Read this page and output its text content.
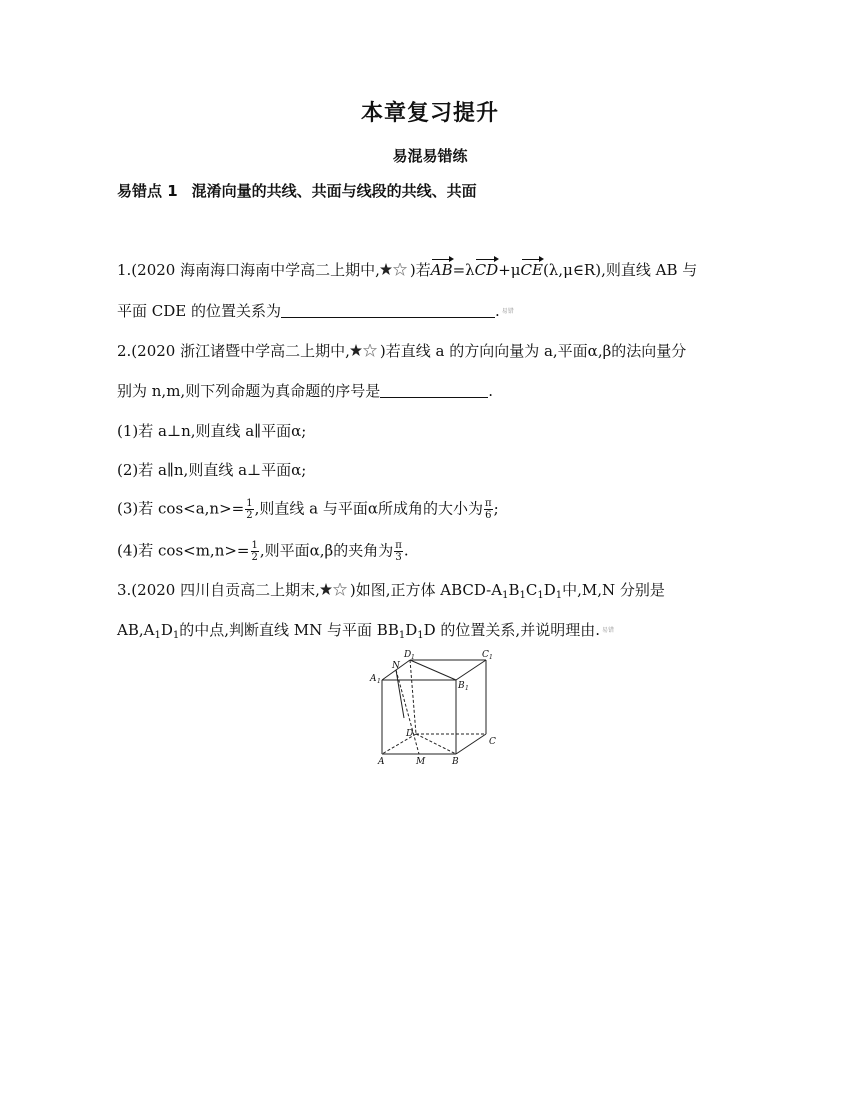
本章复习提升
易混易错练
易错点 1 混淆向量的共线、共面与线段的共线、共面
1.(2020 海南海口海南中学高二上期中, )若AB=λCD+μCE(λ,μ∈R),则直线 AB 与
平面 CDE 的位置关系为	. 易错
2.(2020 浙江诸暨中学高二上期中, )若直线 a 的方向向量为 a,平面α,β的法向量分
别为 n,m,则下列命题为真命题的序号是	.
(1)若 a⊥n,则直线 a∥平面α;
(2)若 a∥n,则直线 a⊥平面α;
(3)若 $\cos<a,n>= \frac{1}{2}$ ,则直线 a 与平面α所成角的大小为 $\frac{\pi}{6}$ ;
(4)若 $\cos<m,n>= \frac{1}{2}$ ,则平面α,β的夹角为 $\frac{\pi}{3}$ .
3.(2020 四川自贡高二上期末, )如图,正方体 ABCD-$A_1B_1C_1D_1$中,M,N 分别是
$AB,A_1D_1$的中点,判断直线 MN 与平面 $BB_1D_1D$ 的位置关系,并说明理由. 易错
D 1	C 1
N
A 1	B 1
D
C
A	M	B
